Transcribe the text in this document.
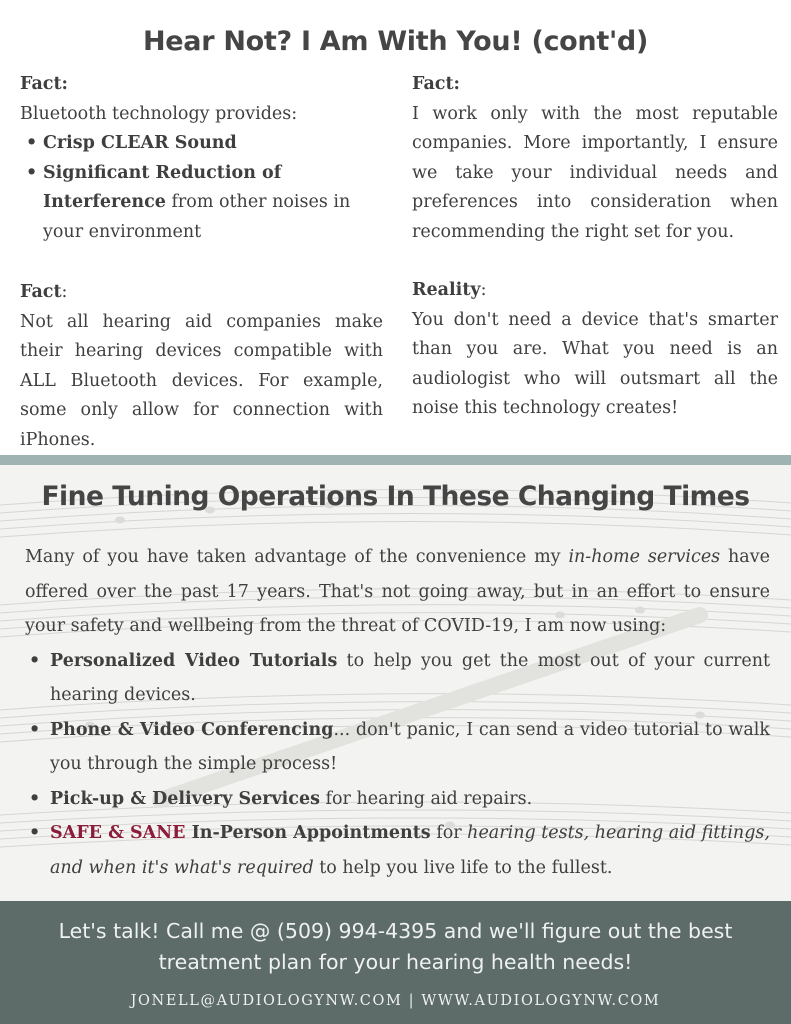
Hear Not? I Am With You! (cont'd)
Fact:
Bluetooth technology provides:
• Crisp CLEAR Sound
• Significant Reduction of Interference from other noises in your environment
Fact:
Not all hearing aid companies make their hearing devices compatible with ALL Bluetooth devices. For example, some only allow for connection with iPhones.
Fact:
I work only with the most reputable companies. More importantly, I ensure we take your individual needs and preferences into consideration when recommending the right set for you.
Reality:
You don't need a device that's smarter than you are. What you need is an audiologist who will outsmart all the noise this technology creates!
Fine Tuning Operations In These Changing Times

Many of you have taken advantage of the convenience my in-home services have offered over the past 17 years. That's not going away, but in an effort to ensure your safety and wellbeing from the threat of COVID-19, I am now using:

• Personalized Video Tutorials to help you get the most out of your current hearing devices.
• Phone & Video Conferencing... don't panic, I can send a video tutorial to walk you through the simple process!
• Pick-up & Delivery Services for hearing aid repairs.
• SAFE & SANE In-Person Appointments for hearing tests, hearing aid fittings, and when it's what's required to help you live life to the fullest.

Let's talk! Call me @ (509) 994-4395 and we'll figure out the best treatment plan for your hearing health needs!

JONELL@AUDIOLOGYNW.COM | WWW.AUDIOLOGYNW.COM
